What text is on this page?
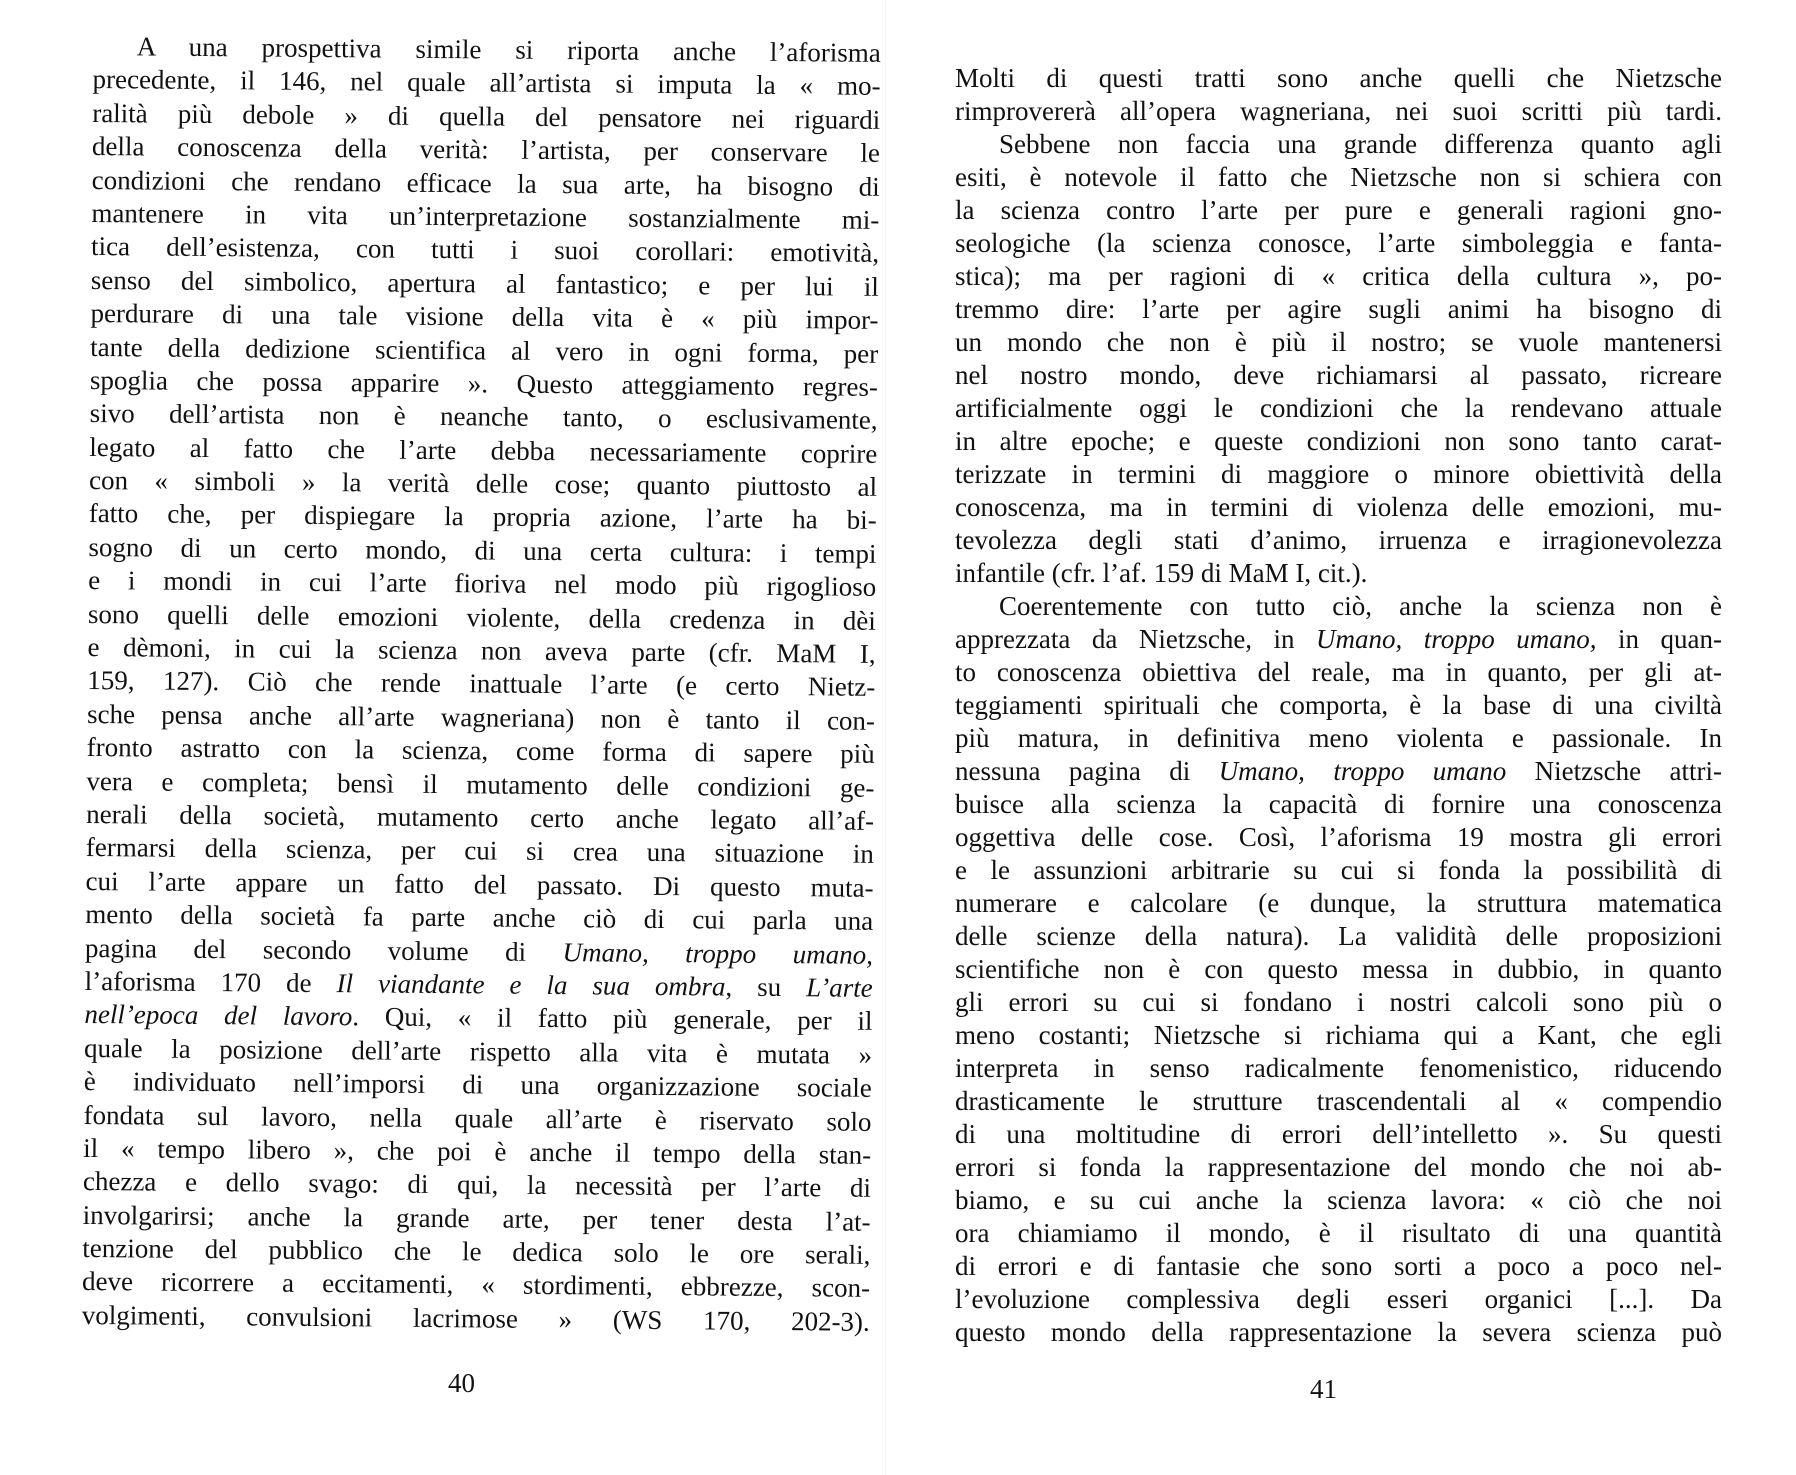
A una prospettiva simile si riporta anche l’aforisma
precedente, il 146, nel quale all’artista si imputa la « mo-
ralità più debole » di quella del pensatore nei riguardi
della conoscenza della verità: l’artista, per conservare le
condizioni che rendano efficace la sua arte, ha bisogno di
mantenere in vita un’interpretazione sostanzialmente mi-
tica dell’esistenza, con tutti i suoi corollari: emotività,
senso del simbolico, apertura al fantastico; e per lui il
perdurare di una tale visione della vita è « più impor-
tante della dedizione scientifica al vero in ogni forma, per
spoglia che possa apparire ». Questo atteggiamento regres-
sivo dell’artista non è neanche tanto, o esclusivamente,
legato al fatto che l’arte debba necessariamente coprire
con « simboli » la verità delle cose; quanto piuttosto al
fatto che, per dispiegare la propria azione, l’arte ha bi-
sogno di un certo mondo, di una certa cultura: i tempi
e i mondi in cui l’arte fioriva nel modo più rigoglioso
sono quelli delle emozioni violente, della credenza in dèi
e dèmoni, in cui la scienza non aveva parte (cfr. MaM I,
159, 127). Ciò che rende inattuale l’arte (e certo Nietz-
sche pensa anche all’arte wagneriana) non è tanto il con-
fronto astratto con la scienza, come forma di sapere più
vera e completa; bensì il mutamento delle condizioni ge-
nerali della società, mutamento certo anche legato all’af-
fermarsi della scienza, per cui si crea una situazione in
cui l’arte appare un fatto del passato. Di questo muta-
mento della società fa parte anche ciò di cui parla una
pagina del secondo volume di Umano, troppo umano,
l’aforisma 170 de Il viandante e la sua ombra, su L’arte
nell’epoca del lavoro. Qui, « il fatto più generale, per il
quale la posizione dell’arte rispetto alla vita è mutata »
è individuato nell’imporsi di una organizzazione sociale
fondata sul lavoro, nella quale all’arte è riservato solo
il « tempo libero », che poi è anche il tempo della stan-
chezza e dello svago: di qui, la necessità per l’arte di
involgarirsi; anche la grande arte, per tener desta l’at-
tenzione del pubblico che le dedica solo le ore serali,
deve ricorrere a eccitamenti, « stordimenti, ebbrezze, scon-
volgimenti, convulsioni lacrimose » (WS 170, 202-3).
Molti di questi tratti sono anche quelli che Nietzsche
rimprovererà all’opera wagneriana, nei suoi scritti più tardi.
Sebbene non faccia una grande differenza quanto agli
esiti, è notevole il fatto che Nietzsche non si schiera con
la scienza contro l’arte per pure e generali ragioni gno-
seologiche (la scienza conosce, l’arte simboleggia e fanta-
stica); ma per ragioni di « critica della cultura », po-
tremmo dire: l’arte per agire sugli animi ha bisogno di
un mondo che non è più il nostro; se vuole mantenersi
nel nostro mondo, deve richiamarsi al passato, ricreare
artificialmente oggi le condizioni che la rendevano attuale
in altre epoche; e queste condizioni non sono tanto carat-
terizzate in termini di maggiore o minore obiettività della
conoscenza, ma in termini di violenza delle emozioni, mu-
tevolezza degli stati d’animo, irruenza e irragionevolezza
infantile (cfr. l’af. 159 di MaM I, cit.).
Coerentemente con tutto ciò, anche la scienza non è
apprezzata da Nietzsche, in Umano, troppo umano, in quan-
to conoscenza obiettiva del reale, ma in quanto, per gli at-
teggiamenti spirituali che comporta, è la base di una civiltà
più matura, in definitiva meno violenta e passionale. In
nessuna pagina di Umano, troppo umano Nietzsche attri-
buisce alla scienza la capacità di fornire una conoscenza
oggettiva delle cose. Così, l’aforisma 19 mostra gli errori
e le assunzioni arbitrarie su cui si fonda la possibilità di
numerare e calcolare (e dunque, la struttura matematica
delle scienze della natura). La validità delle proposizioni
scientifiche non è con questo messa in dubbio, in quanto
gli errori su cui si fondano i nostri calcoli sono più o
meno costanti; Nietzsche si richiama qui a Kant, che egli
interpreta in senso radicalmente fenomenistico, riducendo
drasticamente le strutture trascendentali al « compendio
di una moltitudine di errori dell’intelletto ». Su questi
errori si fonda la rappresentazione del mondo che noi ab-
biamo, e su cui anche la scienza lavora: « ciò che noi
ora chiamiamo il mondo, è il risultato di una quantità
di errori e di fantasie che sono sorti a poco a poco nel-
l’evoluzione complessiva degli esseri organici [...]. Da
questo mondo della rappresentazione la severa scienza può
40	41
